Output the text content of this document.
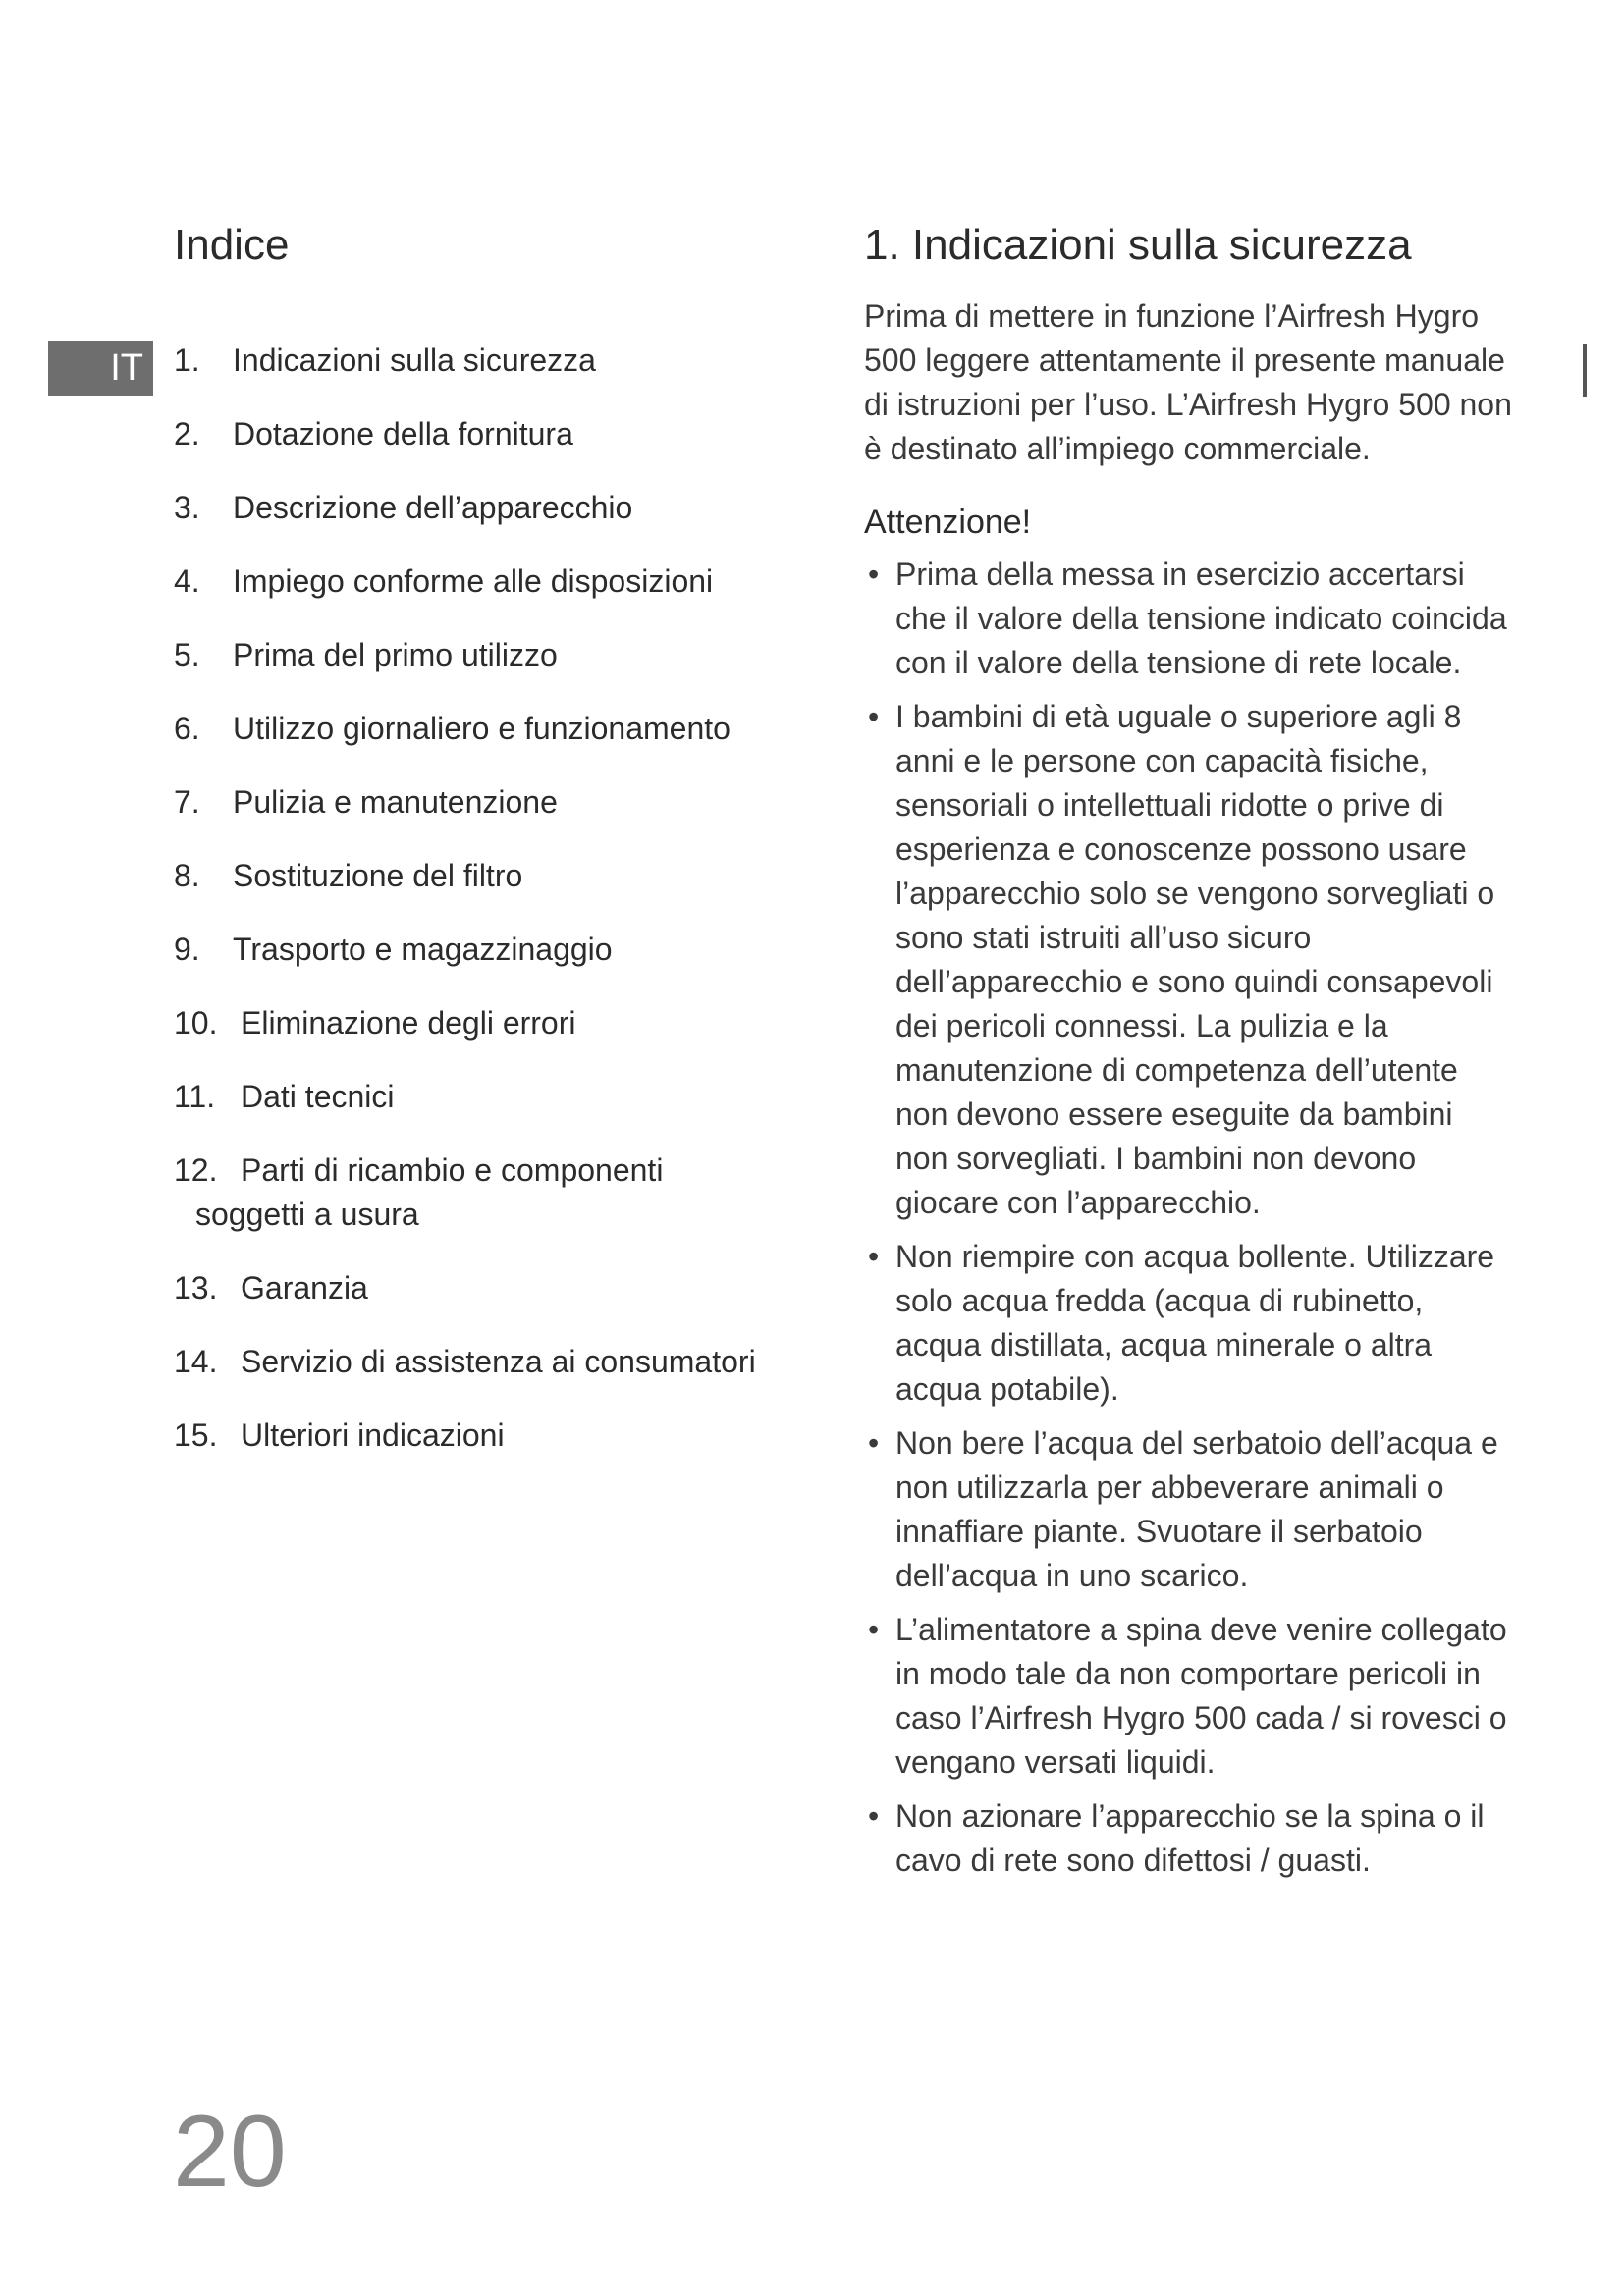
Indice
IT 1.	Indicazioni sulla sicurezza
2.	Dotazione della fornitura
3.	Descrizione dell’apparecchio
4.	Impiego conforme alle disposizioni
5.	Prima del primo utilizzo
6.	Utilizzo giornaliero e funzionamento
7.	Pulizia e manutenzione
8.	Sostituzione del filtro
9.	Trasporto e magazzinaggio
10. Eliminazione degli errori
11. Dati tecnici
12. Parti di ricambio e componenti
soggetti a usura
13. Garanzia
14. Servizio di assistenza ai consumatori
15. Ulteriori indicazioni
1. Indicazioni sulla sicurezza

Prima di mettere in funzione l’Airfresh Hygro 500 leggere attentamente il presente manuale di istruzioni per l’uso. L’Airfresh Hygro 500 non è destinato all’impiego commerciale.

Attenzione!
• Prima della messa in esercizio accertarsi che il valore della tensione indicato coincida con il valore della tensione di rete locale.
• I bambini di età uguale o superiore agli 8 anni e le persone con capacità fisiche, sensoriali o intellettuali ridotte o prive di esperienza e conoscenze possono usare l’apparecchio solo se vengono sorvegliati o sono stati istruiti all’uso sicuro dell’apparecchio e sono quindi consapevoli dei pericoli connessi. La pulizia e la manutenzione di competenza dell’utente non devono essere eseguite da bambini non sorvegliati. I bambini non devono giocare con l’apparecchio.
• Non riempire con acqua bollente. Utilizzare solo acqua fredda (acqua di rubinetto, acqua distillata, acqua minerale o altra acqua potabile).
• Non bere l’acqua del serbatoio dell’acqua e non utilizzarla per abbeverare animali o innaffiare piante. Svuotare il serbatoio dell’acqua in uno scarico.
• L’alimentatore a spina deve venire collegato in modo tale da non comportare pericoli in caso l’Airfresh Hygro 500 cada / si rovesci o vengano versati liquidi.
• Non azionare l’apparecchio se la spina o il cavo di rete sono difettosi / guasti.
20
